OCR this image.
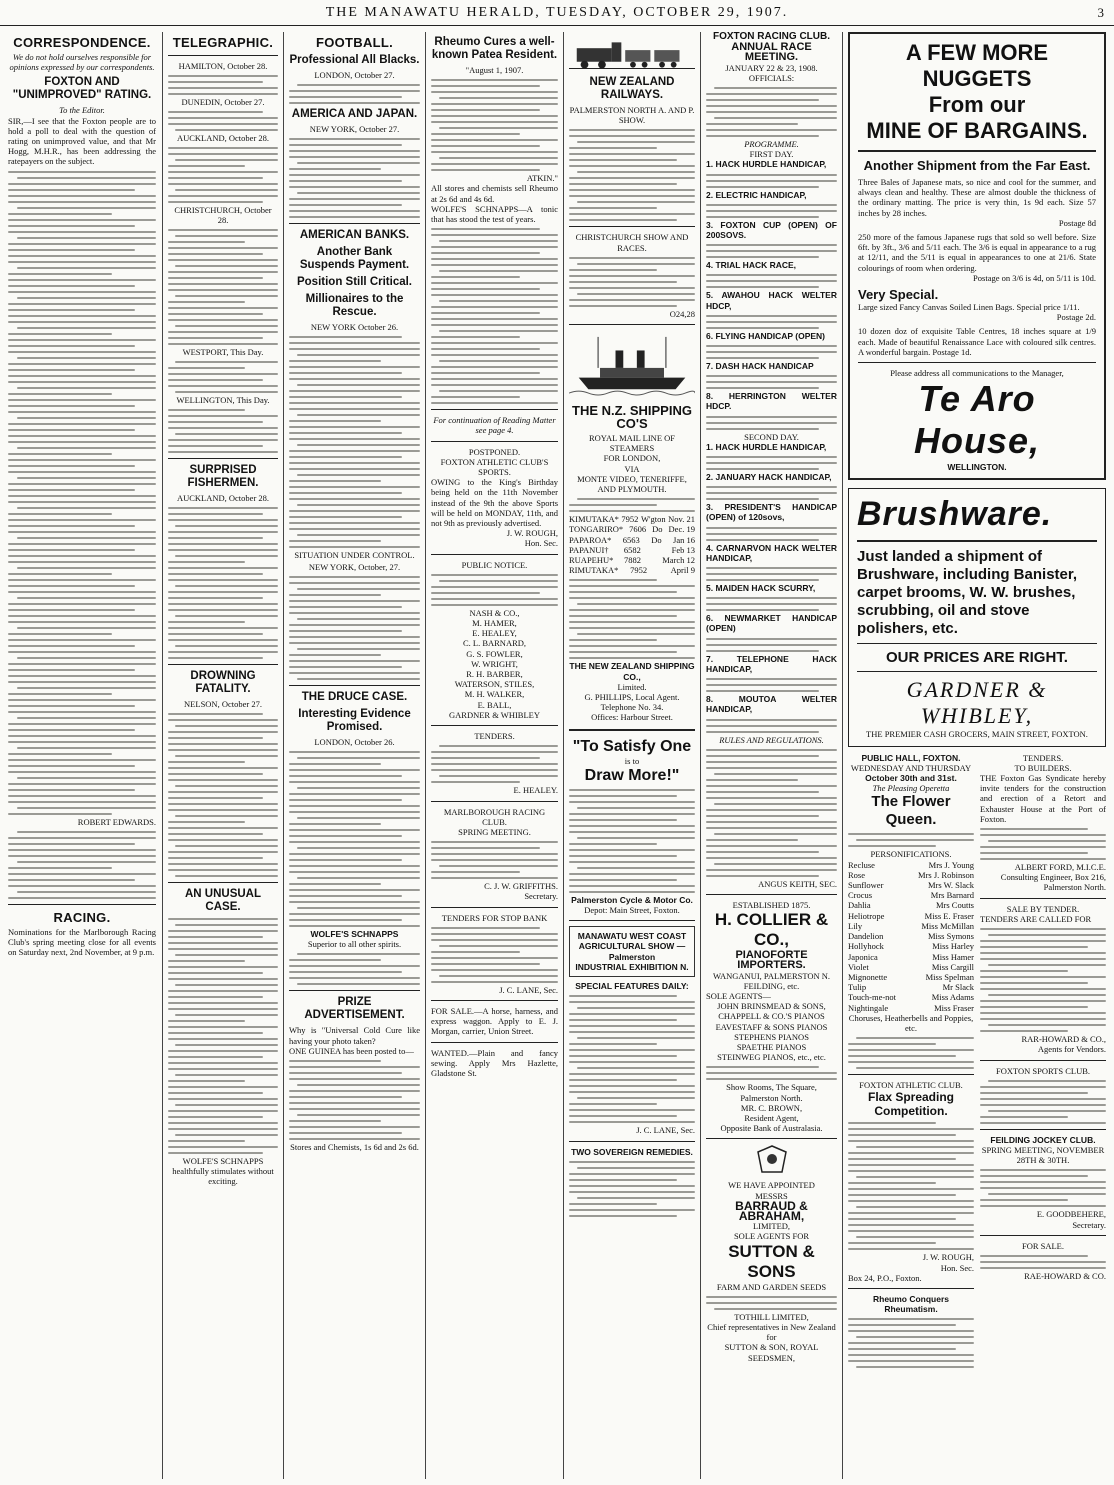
THE MANAWATU HERALD, TUESDAY, OCTOBER 29, 1907.	3
CORRESPONDENCE.
We do not hold ourselves responsible for opinions expressed by our correspondents.
FOXTON AND "UNIMPROVED" RATING.
To the Editor.
SIR,—I see that the Foxton people are to hold a poll to deal with the question of rating on unimproved value, and that Mr Hogg, M.H.R., has been addressing the ratepayers on the subject.
ROBERT EDWARDS.
RACING.
Nominations for the Marlborough Racing Club's spring meeting close for all events on Saturday next, 2nd November, at 9 p.m.
TELEGRAPHIC.
HAMILTON, October 28.
DUNEDIN, October 27.
AUCKLAND, October 28.
CHRISTCHURCH, October 28.
WESTPORT, This Day.
WELLINGTON, This Day.
SURPRISED FISHERMEN.
AUCKLAND, October 28.
DROWNING FATALITY.
NELSON, October 27.
AN UNUSUAL CASE.
WOLFE'S SCHNAPPS healthfully stimulates without exciting.
FOOTBALL.
Professional All Blacks.
LONDON, October 27.
AMERICA AND JAPAN.
NEW YORK, October 27.
AMERICAN BANKS.
Another Bank Suspends Payment.
Position Still Critical.
Millionaires to the Rescue.
NEW YORK October 26.
SITUATION UNDER CONTROL.
NEW YORK, October, 27.
THE DRUCE CASE.
Interesting Evidence Promised.
LONDON, October 26.
WOLFE'S SCHNAPPS
Superior to all other spirits.
PRIZE ADVERTISEMENT.
Why is "Universal Cold Cure like having your photo taken?
ONE GUINEA has been posted to—
Stores and Chemists, 1s 6d and 2s 6d.
Rheumo Cures a well-known Patea Resident.
"August 1, 1907.
ATKIN."
All stores and chemists sell Rheumo at 2s 6d and 4s 6d.
WOLFE'S SCHNAPPS—A tonic that has stood the test of years.
For continuation of Reading Matter see page 4.
POSTPONED.
FOXTON ATHLETIC CLUB'S SPORTS.
OWING to the King's Birthday being held on the 11th November instead of the 9th the above Sports will be held on MONDAY, 11th, and not 9th as previously advertised.
J. W. ROUGH,
Hon. Sec.
PUBLIC NOTICE.
NASH & CO.,
M. HAMER,
E. HEALEY,
C. L. BARNARD,
G. S. FOWLER,
W. WRIGHT,
R. H. BARBER,
WATERSON, STILES,
M. H. WALKER,
E. BALL,
GARDNER & WHIBLEY
TENDERS.
E. HEALEY.
MARLBOROUGH RACING CLUB.
SPRING MEETING.
C. J. W. GRIFFITHS.
Secretary.
TENDERS FOR STOP BANK
J. C. LANE, Sec.
FOR SALE.—A horse, harness, and express waggon. Apply to E. J. Morgan, carrier, Union Street.
WANTED.—Plain and fancy sewing. Apply Mrs Hazlette, Gladstone St.
NEW ZEALAND RAILWAYS.
PALMERSTON NORTH A. AND P. SHOW.
CHRISTCHURCH SHOW AND RACES.
O24,28
THE N.Z. SHIPPING CO'S
ROYAL MAIL LINE OF STEAMERS
FOR LONDON,
VIA
MONTE VIDEO, TENERIFFE, AND PLYMOUTH.
KIMUTAKA* 7952 W'gton Nov. 21
TONGARIRO* 7606 Do Dec. 19
PAPAROA* 6563 Do Jan 16
PAPANUI† 6582	Feb 13
RUAPEHU* 7882 March 12
RIMUTAKA* 7952	April 9
THE NEW ZEALAND SHIPPING CO.,
Limited.
G. PHILLIPS, Local Agent.
Telephone No. 34.
Offices: Harbour Street.
"To Satisfy One
is to
Draw More!"
Palmerston Cycle & Motor Co.
Depot: Main Street, Foxton.
MANAWATU WEST COAST
AGRICULTURAL SHOW — Palmerston
INDUSTRIAL EXHIBITION N.
SPECIAL FEATURES DAILY:
J. C. LANE, Sec.
TWO SOVEREIGN REMEDIES.
FOXTON RACING CLUB.
ANNUAL RACE MEETING.
JANUARY 22 & 23, 1908.
OFFICIALS:
PROGRAMME.
FIRST DAY.
1. HACK HURDLE HANDICAP,
2. ELECTRIC HANDICAP,
3. FOXTON CUP (OPEN) OF 200SOVS.
4. TRIAL HACK RACE,
5. AWAHOU HACK WELTER HDCP,
6. FLYING HANDICAP (OPEN)
7. DASH HACK HANDICAP
8. HERRINGTON WELTER HDCP.
SECOND DAY.
1. HACK HURDLE HANDICAP,
2. JANUARY HACK HANDICAP,
3. PRESIDENT'S HANDICAP (OPEN) of 120sovs,
4. CARNARVON HACK WELTER HANDICAP,
5. MAIDEN HACK SCURRY,
6. NEWMARKET HANDICAP (OPEN)
7. TELEPHONE HACK HANDICAP,
8. MOUTOA WELTER HANDICAP,
RULES AND REGULATIONS.
ANGUS KEITH, SEC.
ESTABLISHED 1875.
H. COLLIER & CO.,
PIANOFORTE IMPORTERS.
WANGANUI, PALMERSTON N. FEILDING, etc.
SOLE AGENTS—
JOHN BRINSMEAD & SONS,
CHAPPELL & CO.'S PIANOS
EAVESTAFF & SONS PIANOS
STEPHENS PIANOS
SPAETHE PIANOS
STEINWEG PIANOS, etc., etc.
Show Rooms, The Square, Palmerston North.
MR. C. BROWN,
Resident Agent,
Opposite Bank of Australasia.
WE HAVE APPOINTED
MESSRS
BARRAUD & ABRAHAM,
LIMITED,
SOLE AGENTS FOR
SUTTON & SONS
FARM AND GARDEN SEEDS
TOTHILL LIMITED,
Chief representatives in New Zealand for
SUTTON & SON, ROYAL SEEDSMEN,
A FEW MORE NUGGETS
From our
MINE OF BARGAINS.
Another Shipment from the Far East.
Three Bales of Japanese mats, so nice and cool for the summer, and always clean and healthy. These are almost double the thickness of the ordinary matting. The price is very thin, 1s 9d each. Size 57 inches by 28 inches.
Postage 8d
250 more of the famous Japanese rugs that sold so well before. Size 6ft. by 3ft., 3/6 and 5/11 each. The 3/6 is equal in appearance to a rug at 12/11, and the 5/11 is equal in appearances to one at 21/6. State colourings of room when ordering.
Postage on 3/6 is 4d, on 5/11 is 10d.
Very Special.
Large sized Fancy Canvas Soiled Linen Bags. Special price 1/11.
Postage 2d.
10 dozen doz of exquisite Table Centres, 18 inches square at 1/9 each. Made of beautiful Renaissance Lace with coloured silk centres. A wonderful bargain. Postage 1d.
Please address all communications to the Manager,
Te Aro House,
WELLINGTON.
Brushware.
Just landed a shipment of Brushware, including Banister, carpet brooms, W. W. brushes, scrubbing, oil and stove polishers, etc.
OUR PRICES ARE RIGHT.
GARDNER & WHIBLEY,
THE PREMIER CASH GROCERS, MAIN STREET, FOXTON.
PUBLIC HALL, FOXTON.
WEDNESDAY AND THURSDAY
October 30th and 31st.
The Pleasing Operetta
The Flower Queen.
PERSONIFICATIONS.
Recluse	Mrs J. Young
Rose	Mrs J. Robinson
Sunflower	Mrs W. Slack
Crocus	Mrs Barnard
Dahlia	Mrs Coutts
Heliotrope	Miss E. Fraser
Lily	Miss McMillan
Dandelion	Miss Symons
Hollyhock	Miss Harley
Japonica	Miss Hamer
Violet	Miss Cargill
Mignonette	Miss Spelman
Tulip	Mr Slack
Touch-me-not	Miss Adams
Nightingale	Miss Fraser
Choruses, Heatherbells and Poppies, etc.
FOXTON ATHLETIC CLUB.
Flax Spreading Competition.
J. W. ROUGH,
Hon. Sec.
Box 24, P.O., Foxton.
Rheumo Conquers Rheumatism.
TENDERS.
TO BUILDERS.
THE Foxton Gas Syndicate hereby invite tenders for the construction and erection of a Retort and Exhauster House at the Port of Foxton.
ALBERT FORD, M.I.C.E.
Consulting Engineer, Box 216,
Palmerston North.
SALE BY TENDER.
TENDERS ARE CALLED FOR
RAR-HOWARD & CO.,
Agents for Vendors.
FOXTON SPORTS CLUB.
FEILDING JOCKEY CLUB.
SPRING MEETING, NOVEMBER 28TH & 30TH.
E. GOODBEHERE,
Secretary.
FOR SALE.
RAE-HOWARD & CO.
